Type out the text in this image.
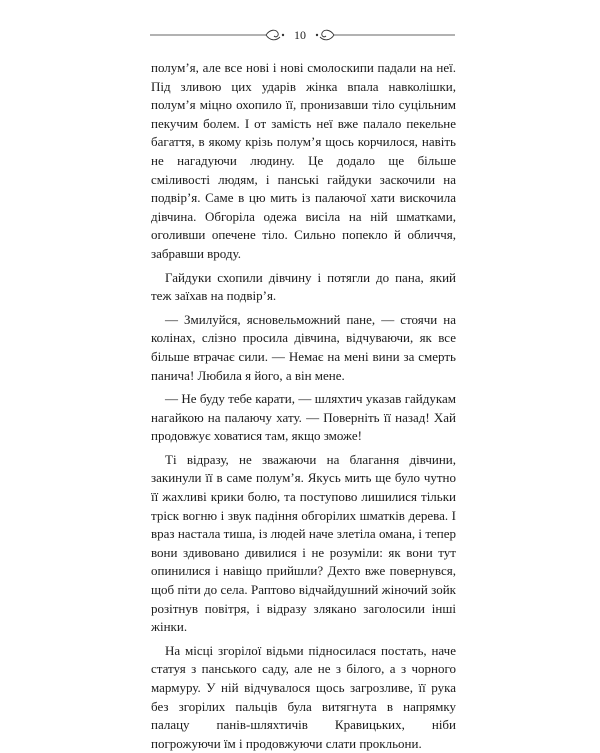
10

полум’я, але все нові і нові смолоскипи падали на неї. Під зливою цих ударів жінка впала навколішки, полум’я міцно охопило її, пронизавши тіло суцільним пекучим болем. І от замість неї вже палало пекельне багаття, в якому крізь полум’я щось корчилося, навіть не нагадуючи людину. Це додало ще більше сміливості людям, і панські гайдуки заскочили на подвір’я. Саме в цю мить із палаючої хати вискочила дівчина. Обгоріла одежа висіла на ній шматками, оголивши опечене тіло. Сильно попекло й обличчя, забравши вроду.

Гайдуки схопили дівчину і потягли до пана, який теж заїхав на подвір’я.

— Змилуйся, ясновельможний пане, — стоячи на колінах, слізно просила дівчина, відчуваючи, як все більше втрачає сили. — Немає на мені вини за смерть панича! Любила я його, а він мене.

— Не буду тебе карати, — шляхтич указав гайдукам нагайкою на палаючу хату. — Поверніть її назад! Хай продовжує ховатися там, якщо зможе!

Ті відразу, не зважаючи на благання дівчини, закинули її в саме полум’я. Якусь мить ще було чутно її жахливі крики болю, та поступово лишилися тільки тріск вогню і звук падіння обгорілих шматків дерева. І враз настала тиша, із людей наче злетіла омана, і тепер вони здивовано дивилися і не розуміли: як вони тут опинилися і навіщо прийшли? Дехто вже повернувся, щоб піти до села. Раптово відчайдушний жіночий зойк розітнув повітря, і відразу злякано заголосили інші жінки.

На місці згорілої відьми підносилася постать, наче статуя з панського саду, але не з білого, а з чорного мармуру. У ній відчувалося щось загрозливе, її рука без згорілих пальців була витягнута в напрямку палацу панів-шляхтичів Кравицьких, ніби погрожуючи їм і продовжуючи слати прокльони.
